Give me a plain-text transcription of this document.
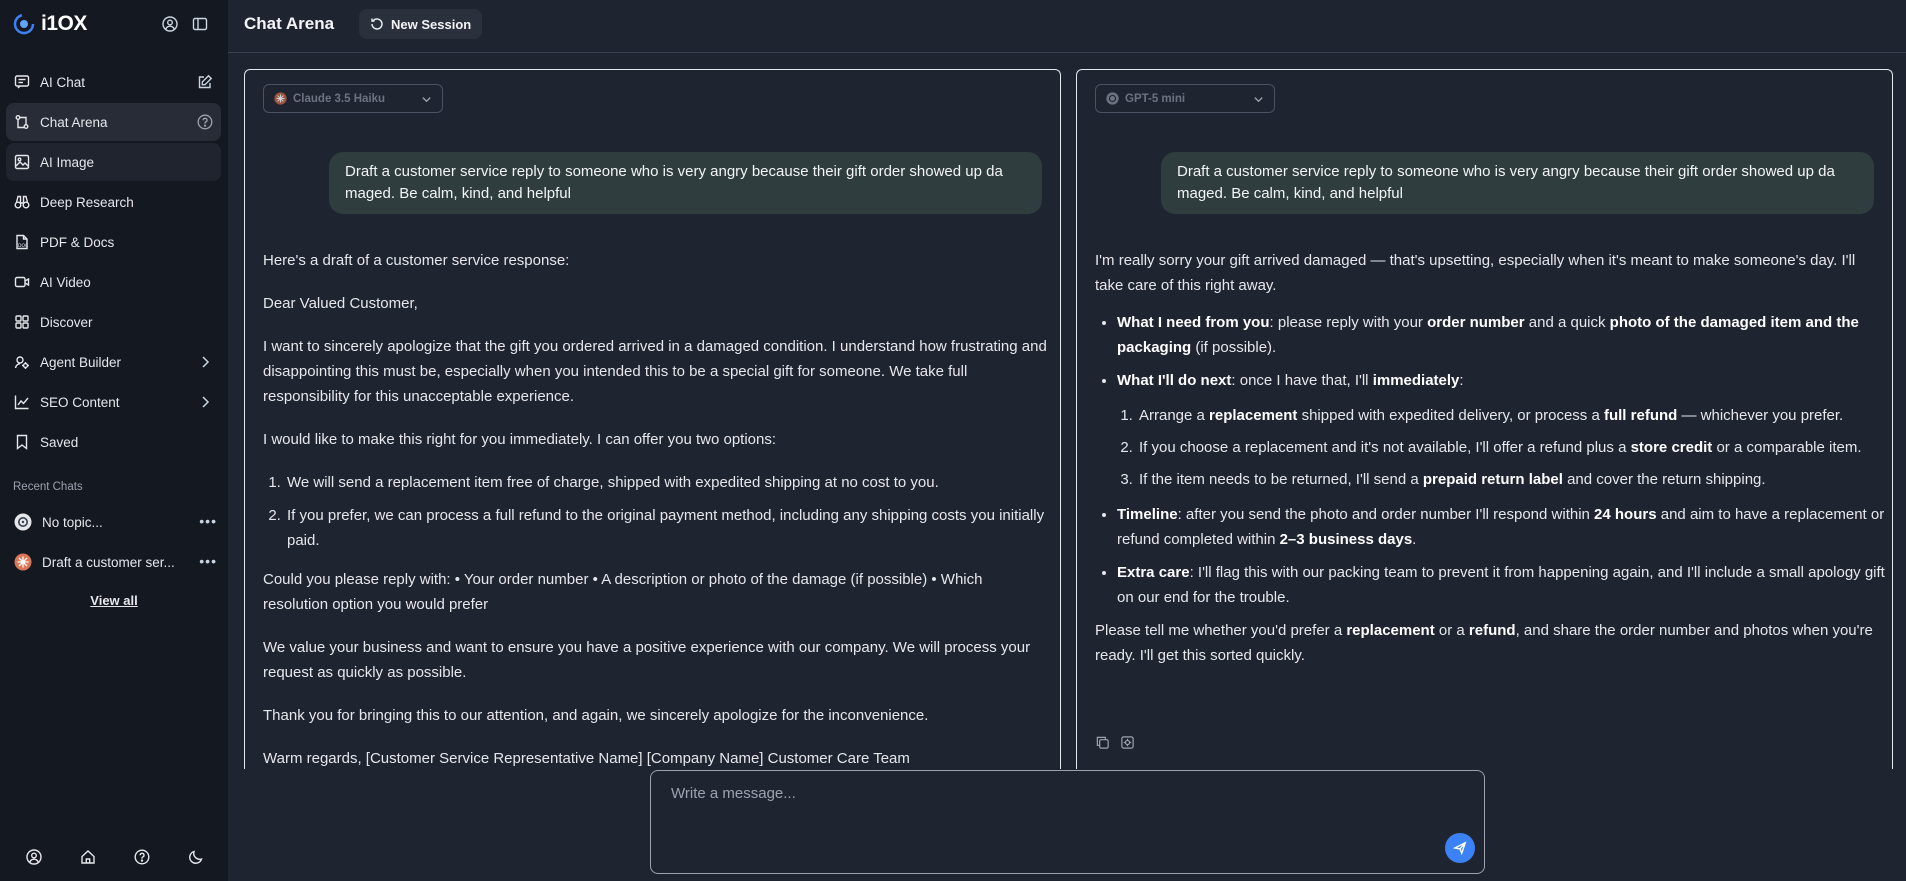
i1OX
AI Chat
Chat Arena
AI Image
Deep Research
DOC PDF & Docs
AI Video
Discover
Agent Builder
SEO Content
Saved
Recent Chats
No topic...	•••
Draft a customer ser... •••
View all
Chat Arena	New Session
Claude 3.5 Haiku
Draft a customer service reply to someone who is very angry because their gift order showed up da maged. Be calm, kind, and helpful

Here's a draft of a customer service response:

Dear Valued Customer,

I want to sincerely apologize that the gift you ordered arrived in a damaged condition. I understand how frustrating and disappointing this must be, especially when you intended this to be a special gift for someone. We take full responsibility for this unacceptable experience.

I would like to make this right for you immediately. I can offer you two options:

1. We will send a replacement item free of charge, shipped with expedited shipping at no cost to you.
2. If you prefer, we can process a full refund to the original payment method, including any shipping costs you initially paid.

Could you please reply with: • Your order number • A description or photo of the damage (if possible) • Which resolution option you would prefer

We value your business and want to ensure you have a positive experience with our company. We will process your request as quickly as possible.

Thank you for bringing this to our attention, and again, we sincerely apologize for the inconvenience.

Warm regards, [Customer Service Representative Name] [Company Name] Customer Care Team

GPT-5 mini
Draft a customer service reply to someone who is very angry because their gift order showed up da maged. Be calm, kind, and helpful

I'm really sorry your gift arrived damaged — that's upsetting, especially when it's meant to make someone's day. I'll take care of this right away.

• What I need from you: please reply with your order number and a quick photo of the damaged item and the packaging (if possible).
• What I'll do next: once I have that, I'll immediately:
1. Arrange a replacement shipped with expedited delivery, or process a full refund — whichever you prefer.
2. If you choose a replacement and it's not available, I'll offer a refund plus a store credit or a comparable item.
3. If the item needs to be returned, I'll send a prepaid return label and cover the return shipping.
• Timeline: after you send the photo and order number I'll respond within 24 hours and aim to have a replacement or refund completed within 2–3 business days.
• Extra care: I'll flag this with our packing team to prevent it from happening again, and I'll include a small apology gift on our end for the trouble.

Please tell me whether you'd prefer a replacement or a refund, and share the order number and photos when you're ready. I'll get this sorted quickly.

Write a message...
